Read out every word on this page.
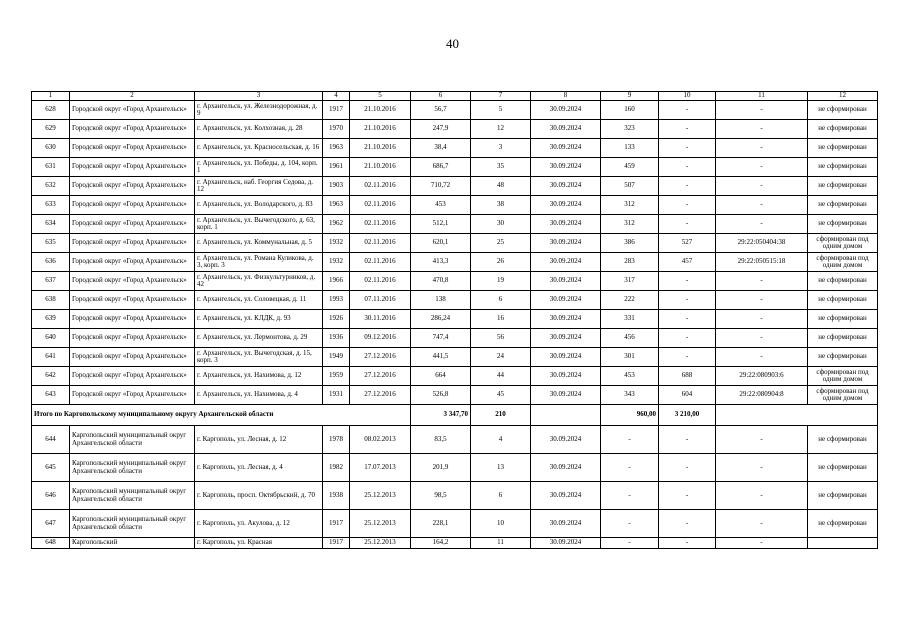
40
1	2	3	4	5	6	7	8	9	10	11	12
628	Городской округ «Город Архангельск»	г. Архангельск, ул. Железнодорожная, д. 9	1917	21.10.2016	56,7	5	30.09.2024	160	-	-	не сформирован
629	Городской округ «Город Архангельск»	г. Архангельск, ул. Колхозная, д. 28	1970	21.10.2016	247,9	12	30.09.2024	323	-	-	не сформирован
630	Городской округ «Город Архангельск»	г. Архангельск, ул. Красносельская, д. 16	1963	21.10.2016	38,4	3	30.09.2024	133	-	-	не сформирован
631	Городской округ «Город Архангельск»	г. Архангельск, ул. Победы, д. 104, корп. 1	1961	21.10.2016	686,7	35	30.09.2024	459	-	-	не сформирован
632	Городской округ «Город Архангельск»	г. Архангельск, наб. Георгия Седова, д. 12	1903	02.11.2016	710,72	48	30.09.2024	507	-	-	не сформирован
633	Городской округ «Город Архангельск»	г. Архангельск, ул. Володарского, д. 83	1963	02.11.2016	453	38	30.09.2024	312	-	-	не сформирован
634	Городской округ «Город Архангельск»	г. Архангельск, ул. Вычегодского, д. 63, корп. 1	1962	02.11.2016	512,1	30	30.09.2024	312	-	-	не сформирован
635	Городской округ «Город Архангельск»	г. Архангельск, ул. Коммунальная, д. 5	1932	02.11.2016	620,1	25	30.09.2024	386	527	29:22:050404:38	сформирован под одним домом
636	Городской округ «Город Архангельск»	г. Архангельск, ул. Романа Куликова, д. 3, корп. 3	1932	02.11.2016	413,3	26	30.09.2024	283	457	29:22:050515:18	сформирован под одним домом
637	Городской округ «Город Архангельск»	г. Архангельск, ул. Физкультурников, д. 42	1966	02.11.2016	470,8	19	30.09.2024	317	-	-	не сформирован
638	Городской округ «Город Архангельск»	г. Архангельск, ул. Соловецкая, д. 11	1993	07.11.2016	138	6	30.09.2024	222	-	-	не сформирован
639	Городской округ «Город Архангельск»	г. Архангельск, ул. КЛДК, д. 93	1926	30.11.2016	286,24	16	30.09.2024	331	-	-	не сформирован
640	Городской округ «Город Архангельск»	г. Архангельск, ул. Лермонтова, д. 29	1936	09.12.2016	747,4	56	30.09.2024	456	-	-	не сформирован
641	Городской округ «Город Архангельск»	г. Архангельск, ул. Вычегодская, д. 15, корп. 3	1949	27.12.2016	441,5	24	30.09.2024	301	-	-	не сформирован
642	Городской округ «Город Архангельск»	г. Архангельск, ул. Нахимова, д. 12	1959	27.12.2016	664	44	30.09.2024	453	688	29:22:080903:6	сформирован под одним домом
643	Городской округ «Город Архангельск»	г. Архангельск, ул. Нахимова, д. 4	1931	27.12.2016	526,8	45	30.09.2024	343	604	29:22:080904:8	сформирован под одним домом
Итого по Каргопольскому муниципальному округу Архангельской области					3 347,70	210		960,00	3 210,00		
644	Каргопольский муниципальный округ Архангельской области	г. Каргополь, ул. Лесная, д. 12	1978	08.02.2013	83,5	4	30.09.2024	-	-	-	не сформирован
645	Каргопольский муниципальный округ Архангельской области	г. Каргополь, ул. Лесная, д. 4	1982	17.07.2013	201,9	13	30.09.2024	-	-	-	не сформирован
646	Каргопольский муниципальный округ Архангельской области	г. Каргополь, просп. Октябрьский, д. 70	1938	25.12.2013	98,5	6	30.09.2024	-	-	-	не сформирован
647	Каргопольский муниципальный округ Архангельской области	г. Каргополь, ул. Акулова, д. 12	1917	25.12.2013	228,1	10	30.09.2024	-	-	-	не сформирован
648	Каргопольский	г. Каргополь, ул. Красная	1917	25.12.2013	164,2	11	30.09.2024	-	-	-	
